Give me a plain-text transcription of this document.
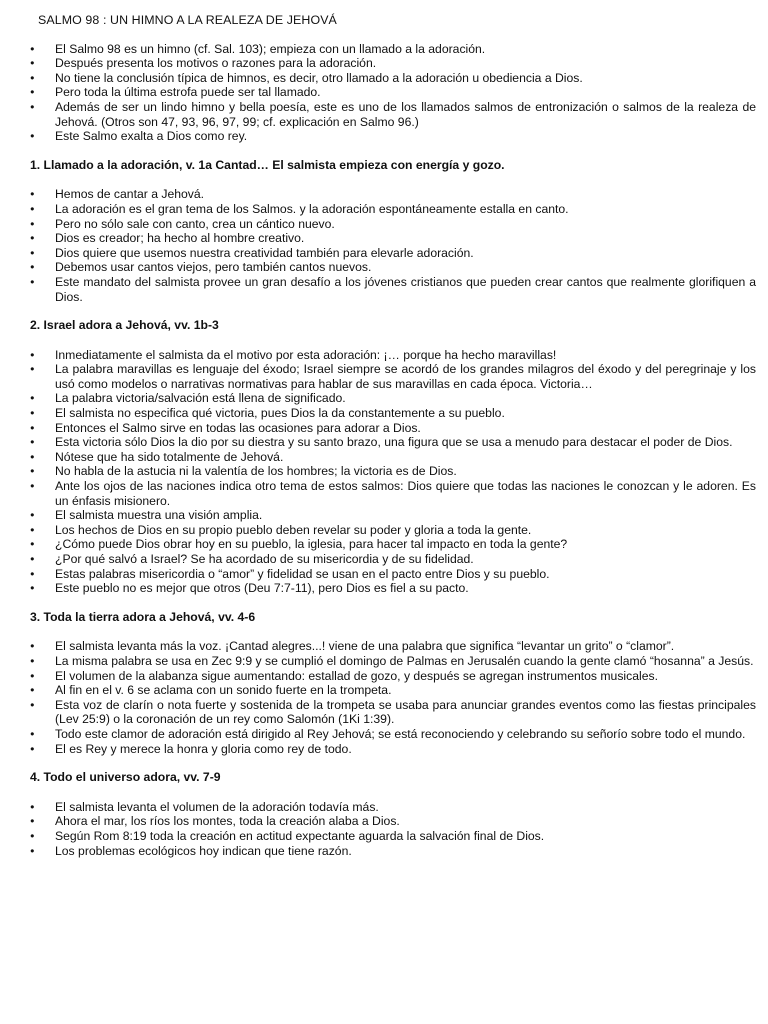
SALMO 98 : UN HIMNO A LA REALEZA DE JEHOVÁ
● El Salmo 98 es un himno (cf. Sal. 103); empieza con un llamado a la adoración.
● Después presenta los motivos o razones para la adoración.
● No tiene la conclusión típica de himnos, es decir, otro llamado a la adoración u obediencia a Dios.
● Pero toda la última estrofa puede ser tal llamado.
● Además de ser un lindo himno y bella poesía, este es uno de los llamados salmos de entronización o salmos de la realeza de Jehová. (Otros son 47, 93, 96, 97, 99; cf. explicación en Salmo 96.)
● Este Salmo exalta a Dios como rey.
1. Llamado a la adoración, v. 1a Cantad… El salmista empieza con energía y gozo.
● Hemos de cantar a Jehová.
● La adoración es el gran tema de los Salmos. y la adoración espontáneamente estalla en canto.
● Pero no sólo sale con canto, crea un cántico nuevo.
● Dios es creador; ha hecho al hombre creativo.
● Dios quiere que usemos nuestra creatividad también para elevarle adoración.
● Debemos usar cantos viejos, pero también cantos nuevos.
● Este mandato del salmista provee un gran desafío a los jóvenes cristianos que pueden crear cantos que realmente glorifiquen a Dios.
2. Israel adora a Jehová, vv. 1b-3
● Inmediatamente el salmista da el motivo por esta adoración: ¡… porque ha hecho maravillas!
● La palabra maravillas es lenguaje del éxodo; Israel siempre se acordó de los grandes milagros del éxodo y del peregrinaje y los usó como modelos o narrativas normativas para hablar de sus maravillas en cada época. Victoria…
● La palabra victoria/salvación está llena de significado.
● El salmista no especifica qué victoria, pues Dios la da constantemente a su pueblo.
● Entonces el Salmo sirve en todas las ocasiones para adorar a Dios.
● Esta victoria sólo Dios la dio por su diestra y su santo brazo, una figura que se usa a menudo para destacar el poder de Dios.
● Nótese que ha sido totalmente de Jehová.
● No habla de la astucia ni la valentía de los hombres; la victoria es de Dios.
● Ante los ojos de las naciones indica otro tema de estos salmos: Dios quiere que todas las naciones le conozcan y le adoren. Es un énfasis misionero.
● El salmista muestra una visión amplia.
● Los hechos de Dios en su propio pueblo deben revelar su poder y gloria a toda la gente.
● ¿Cómo puede Dios obrar hoy en su pueblo, la iglesia, para hacer tal impacto en toda la gente?
● ¿Por qué salvó a Israel? Se ha acordado de su misericordia y de su fidelidad.
● Estas palabras misericordia o “amor” y fidelidad se usan en el pacto entre Dios y su pueblo.
● Este pueblo no es mejor que otros (Deu 7:7-11), pero Dios es fiel a su pacto.
3. Toda la tierra adora a Jehová, vv. 4-6
● El salmista levanta más la voz. ¡Cantad alegres...! viene de una palabra que significa “levantar un grito” o “clamor”.
● La misma palabra se usa en Zec 9:9 y se cumplió el domingo de Palmas en Jerusalén cuando la gente clamó “hosanna” a Jesús.
● El volumen de la alabanza sigue aumentando: estallad de gozo, y después se agregan instrumentos musicales.
● Al fin en el v. 6 se aclama con un sonido fuerte en la trompeta.
● Esta voz de clarín o nota fuerte y sostenida de la trompeta se usaba para anunciar grandes eventos como las fiestas principales (Lev 25:9) o la coronación de un rey como Salomón (1Ki 1:39).
● Todo este clamor de adoración está dirigido al Rey Jehová; se está reconociendo y celebrando su señorío sobre todo el mundo.
● El es Rey y merece la honra y gloria como rey de todo.
4. Todo el universo adora, vv. 7-9
● El salmista levanta el volumen de la adoración todavía más.
● Ahora el mar, los ríos los montes, toda la creación alaba a Dios.
● Según Rom 8:19 toda la creación en actitud expectante aguarda la salvación final de Dios.
● Los problemas ecológicos hoy indican que tiene razón.
